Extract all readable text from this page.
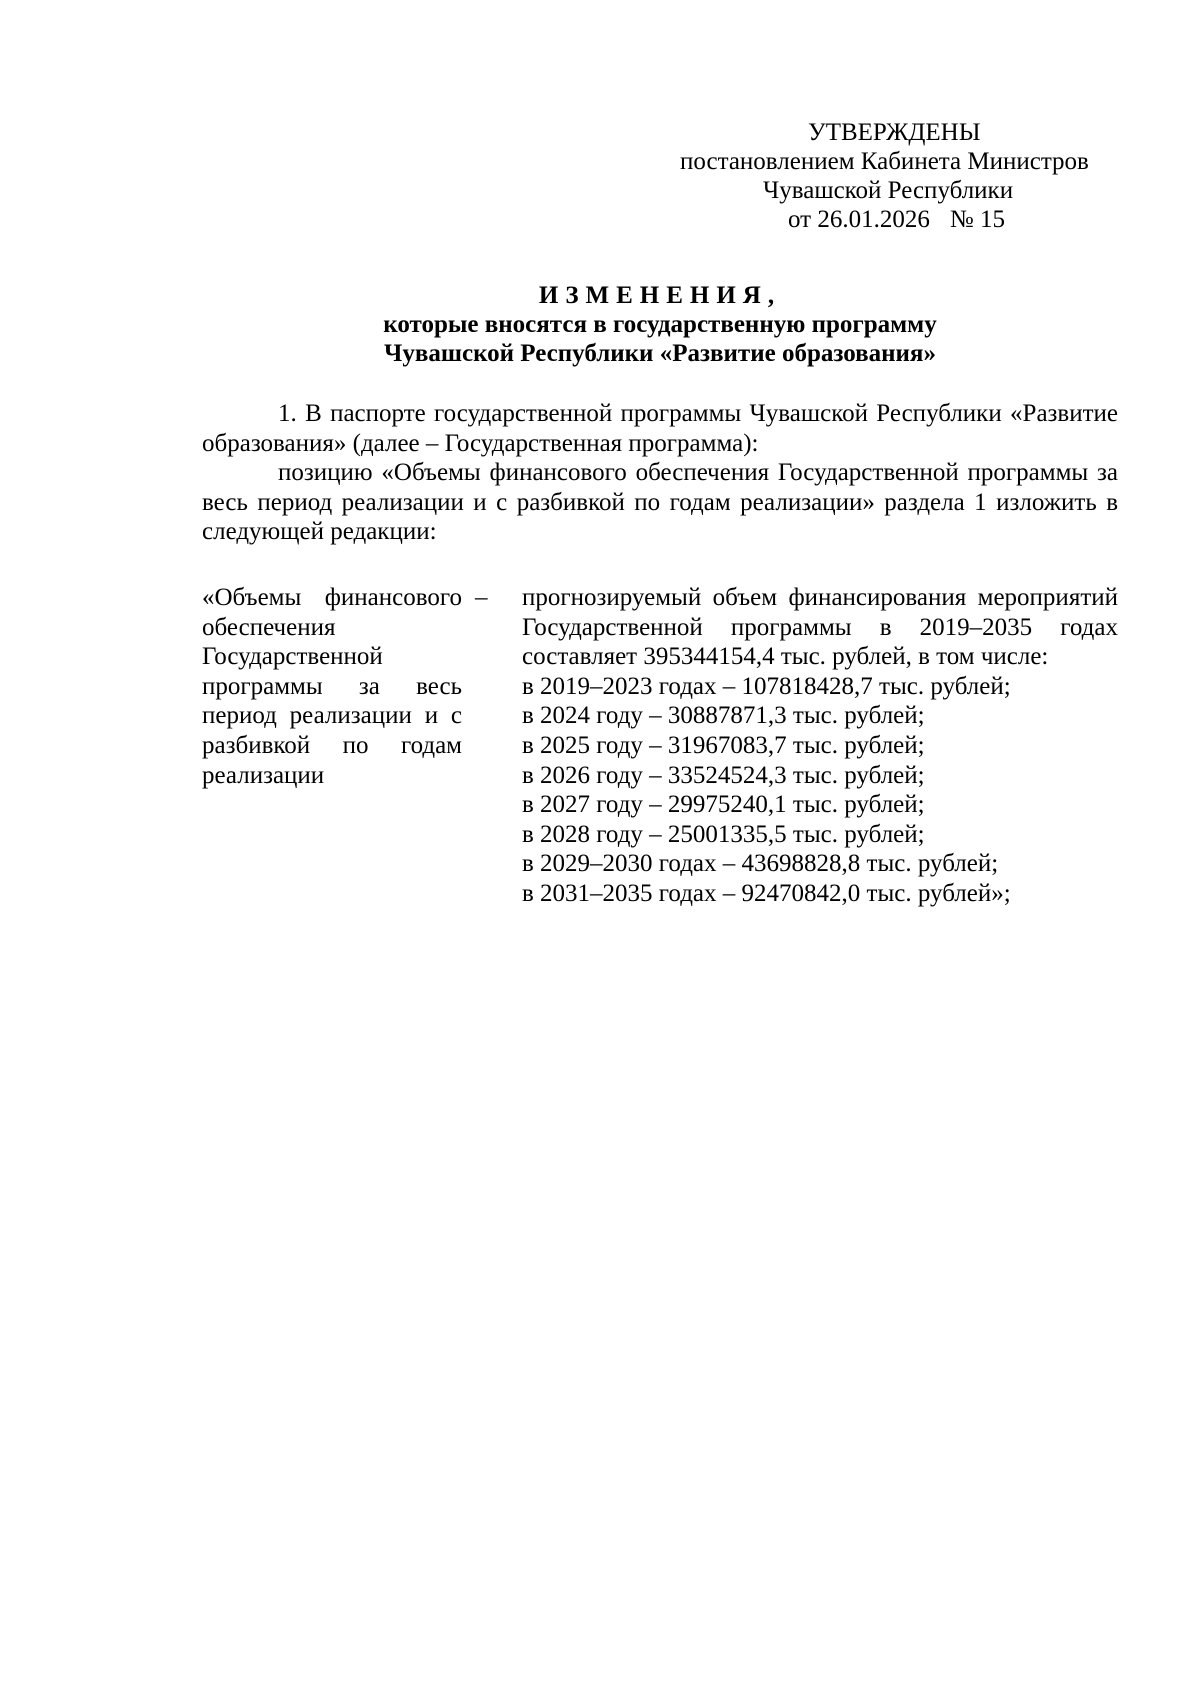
УТВЕРЖДЕНЫ
постановлением Кабинета Министров
Чувашской Республики
от 26.01.2026 № 15
ИЗМЕНЕНИЯ,
которые вносятся в государственную программу
Чувашской Республики «Развитие образования»

1. В паспорте государственной программы Чувашской Республики «Развитие образования» (далее – Государственная программа):

позицию «Объемы финансового обеспечения Государственной программы за весь период реализации и с разбивкой по годам реализации» раздела 1 изложить в следующей редакции:

«Объемы финансового обеспечения Государственной программы за весь период реализации и с разбивкой по годам реализации
– прогнозируемый объем финансирования мероприятий Государственной программы в 2019–2035 годах составляет 395344154,4 тыс. рублей, в том числе:
в 2019–2023 годах – 107818428,7 тыс. рублей;
в 2024 году – 30887871,3 тыс. рублей;
в 2025 году – 31967083,7 тыс. рублей;
в 2026 году – 33524524,3 тыс. рублей;
в 2027 году – 29975240,1 тыс. рублей;
в 2028 году – 25001335,5 тыс. рублей;
в 2029–2030 годах – 43698828,8 тыс. рублей;
в 2031–2035 годах – 92470842,0 тыс. рублей»;
